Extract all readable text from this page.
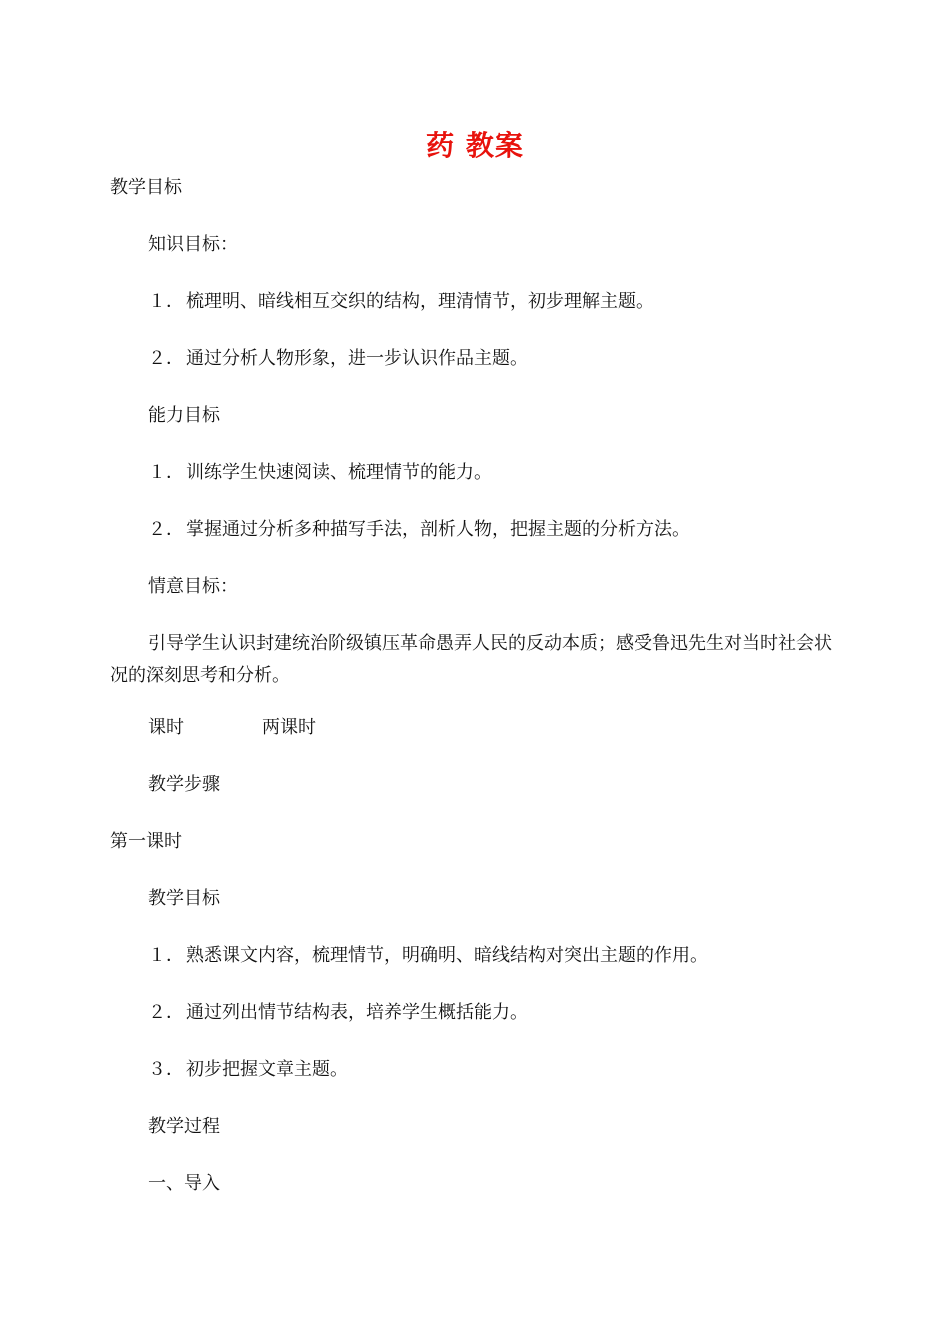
药 教案
教学目标
知识目标：
１． 梳理明、暗线相互交织的结构，理清情节，初步理解主题。
２． 通过分析人物形象，进一步认识作品主题。
能力目标
１． 训练学生快速阅读、梳理情节的能力。
２． 掌握通过分析多种描写手法，剖析人物，把握主题的分析方法。
情意目标：
引导学生认识封建统治阶级镇压革命愚弄人民的反动本质；感受鲁迅先生对当时社会状况的深刻思考和分析。
课时	两课时
教学步骤
第一课时
教学目标
１． 熟悉课文内容，梳理情节，明确明、暗线结构对突出主题的作用。
２． 通过列出情节结构表，培养学生概括能力。
３． 初步把握文章主题。
教学过程
一、导入
